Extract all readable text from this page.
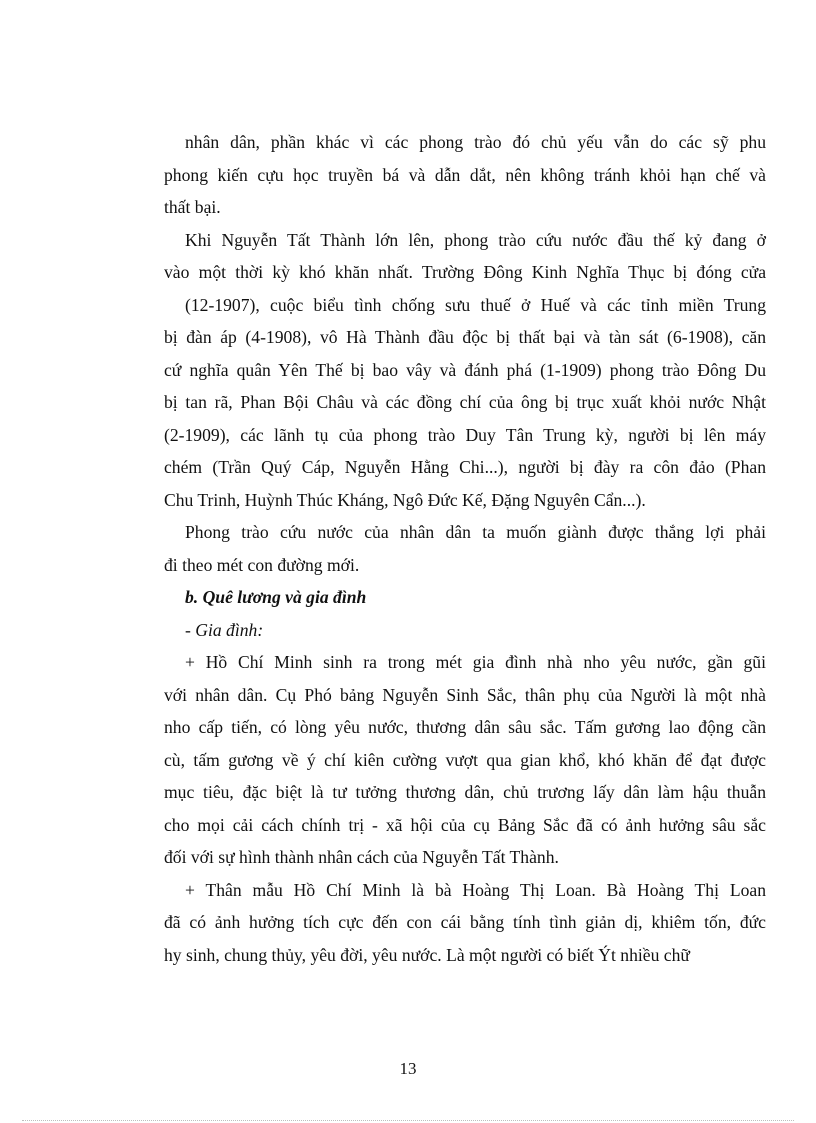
nhân dân, phần khác vì các phong trào đó chủ yếu vẫn do các sỹ phu
phong kiến cựu học truyền bá và dẫn dắt, nên không tránh khỏi hạn chế và
thất bại.
Khi Nguyễn Tất Thành lớn lên, phong trào cứu nước đầu thế kỷ đang ở
vào một thời kỳ khó khăn nhất. Trường Đông Kinh Nghĩa Thục bị đóng cửa
(12-1907), cuộc biểu tình chống sưu thuế ở Huế và các tỉnh miền Trung
bị đàn áp (4-1908), vô Hà Thành đầu độc bị thất bại và tàn sát (6-1908), căn
cứ nghĩa quân Yên Thế bị bao vây và đánh phá (1-1909) phong trào Đông Du
bị tan rã, Phan Bội Châu và các đồng chí của ông bị trục xuất khỏi nước Nhật
(2-1909), các lãnh tụ của phong trào Duy Tân Trung kỳ, người bị lên máy
chém (Trần Quý Cáp, Nguyễn Hằng Chi...), người bị đày ra côn đảo (Phan
Chu Trinh, Huỳnh Thúc Kháng, Ngô Đức Kế, Đặng Nguyên Cẩn...).
Phong trào cứu nước của nhân dân ta muốn giành được thắng lợi phải
đi theo mét con đường mới.
b. Quê lương và gia đình
- Gia đình:
+ Hồ Chí Minh sinh ra trong mét gia đình nhà nho yêu nước, gần gũi
với nhân dân. Cụ Phó bảng Nguyễn Sinh Sắc, thân phụ của Người là một nhà
nho cấp tiến, có lòng yêu nước, thương dân sâu sắc. Tấm gương lao động cần
cù, tấm gương về ý chí kiên cường vượt qua gian khổ, khó khăn để đạt được
mục tiêu, đặc biệt là tư tưởng thương dân, chủ trương lấy dân làm hậu thuẫn
cho mọi cải cách chính trị - xã hội của cụ Bảng Sắc đã có ảnh hưởng sâu sắc
đối với sự hình thành nhân cách của Nguyễn Tất Thành.
+ Thân mẫu Hồ Chí Minh là bà Hoàng Thị Loan. Bà Hoàng Thị Loan
đã có ảnh hưởng tích cực đến con cái bằng tính tình giản dị, khiêm tốn, đức
hy sinh, chung thủy, yêu đời, yêu nước. Là một người có biết Ýt nhiều chữ
13
